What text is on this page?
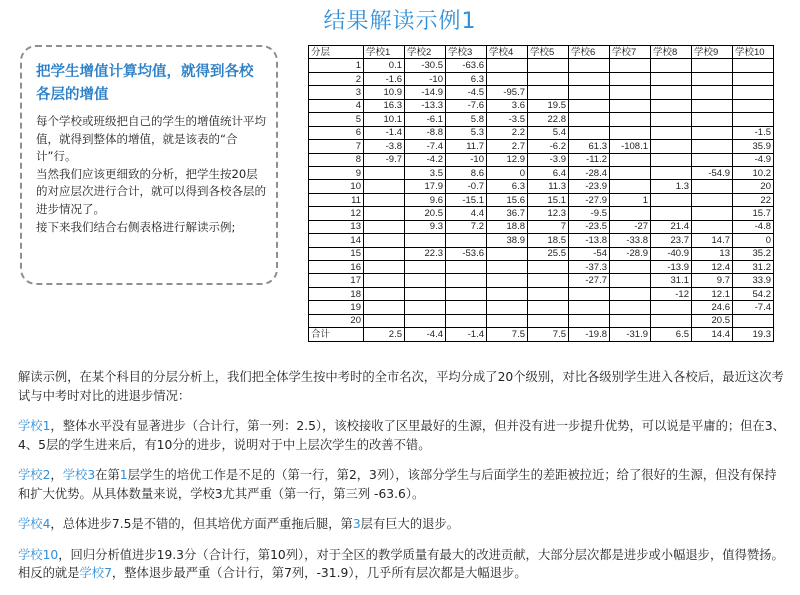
结果解读示例1
把学生增值计算均值，就得到各校各层的增值

每个学校或班级把自己的学生的增值统计平均值，就得到整体的增值，就是该表的“合计”行。

当然我们应该更细致的分析，把学生按20层的对应层次进行合计，就可以得到各校各层的进步情况了。

接下来我们结合右侧表格进行解读示例;

分层	学校1	学校2	学校3	学校4	学校5	学校6	学校7	学校8	学校9	学校10
1	0.1	-30.5	-63.6							
2	-1.6	-10	6.3							
3	10.9	-14.9	-4.5	-95.7						
4	16.3	-13.3	-7.6	3.6	19.5					
5	10.1	-6.1	5.8	-3.5	22.8					
6	-1.4	-8.8	5.3	2.2	5.4					-1.5
7	-3.8	-7.4	11.7	2.7	-6.2	61.3	-108.1			35.9
8	-9.7	-4.2	-10	12.9	-3.9	-11.2				-4.9
9		3.5	8.6	0	6.4	-28.4			-54.9	10.2
10		17.9	-0.7	6.3	11.3	-23.9		1.3		20
11		9.6	-15.1	15.6	15.1	-27.9	1			22
12		20.5	4.4	36.7	12.3	-9.5				15.7
13		9.3	7.2	18.8	7	-23.5	-27	21.4		-4.8
14				38.9	18.5	-13.8	-33.8	23.7	14.7	0
15		22.3	-53.6		25.5	-54	-28.9	-40.9	13	35.2
16						-37.3		-13.9	12.4	31.2
17						-27.7		31.1	9.7	33.9
18								-12	12.1	54.2
19									24.6	-7.4
20									20.5	
合计	2.5	-4.4	-1.4	7.5	7.5	-19.8	-31.9	6.5	14.4	19.3

解读示例，在某个科目的分层分析上，我们把全体学生按中考时的全市名次，平均分成了20个级别，对比各级别学生进入各校后，最近这次考试与中考时对比的进退步情况：

学校1，整体水平没有显著进步（合计行，第一列：2.5），该校接收了区里最好的生源，但并没有进一步提升优势，可以说是平庸的；但在3、4、5层的学生进来后，有10分的进步，说明对于中上层次学生的改善不错。

学校2，学校3在第1层学生的培优工作是不足的（第一行，第2，3列），该部分学生与后面学生的差距被拉近；给了很好的生源，但没有保持和扩大优势。从具体数量来说，学校3尤其严重（第一行，第三列 -63.6）。

学校4，总体进步7.5是不错的，但其培优方面严重拖后腿，第3层有巨大的退步。

学校10，回归分析值进步19.3分（合计行，第10列），对于全区的教学质量有最大的改进贡献，大部分层次都是进步或小幅退步，值得赞扬。相反的就是学校7，整体退步最严重（合计行，第7列，-31.9），几乎所有层次都是大幅退步。
